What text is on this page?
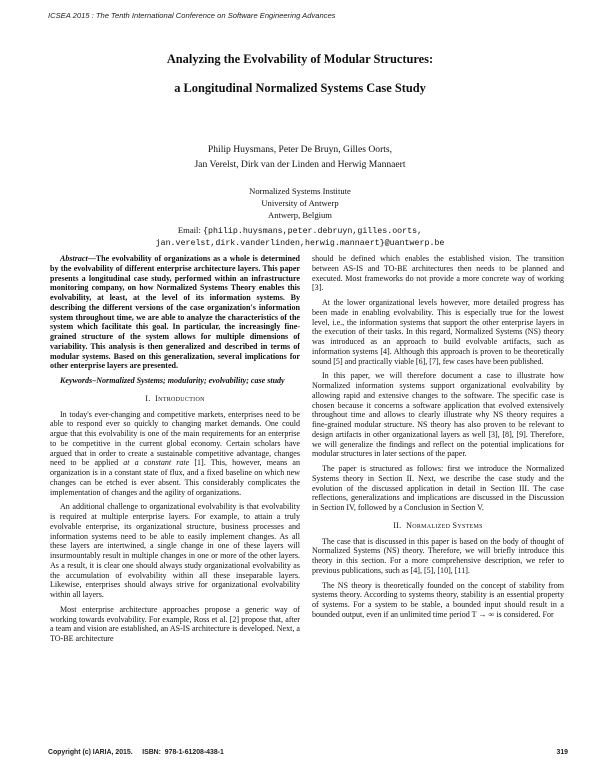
ICSEA 2015 : The Tenth International Conference on Software Engineering Advances
Analyzing the Evolvability of Modular Structures:
a Longitudinal Normalized Systems Case Study
Philip Huysmans, Peter De Bruyn, Gilles Oorts,
Jan Verelst, Dirk van der Linden and Herwig Mannaert
Normalized Systems Institute
University of Antwerp
Antwerp, Belgium
Email: {philip.huysmans,peter.debruyn,gilles.oorts,
jan.verelst,dirk.vanderlinden,herwig.mannaert}@uantwerp.be

Abstract—The evolvability of organizations as a whole is determined by the evolvability of different enterprise architecture layers. This paper presents a longitudinal case study, performed within an infrastructure monitoring company, on how Normalized Systems Theory enables this evolvability, at least, at the level of its information systems. By describing the different versions of the case organization's information system throughout time, we are able to analyze the characteristics of the system which facilitate this goal. In particular, the increasingly fine-grained structure of the system allows for multiple dimensions of variability. This analysis is then generalized and described in terms of modular systems. Based on this generalization, several implications for other enterprise layers are presented.

Keywords–Normalized Systems; modularity; evolvability; case study

I. Introduction

In today's ever-changing and competitive markets, enterprises need to be able to respond ever so quickly to changing market demands. One could argue that this evolvability is one of the main requirements for an enterprise to be competitive in the current global economy. Certain scholars have argued that in order to create a sustainable competitive advantage, changes need to be applied at a constant rate [1]. This, however, means an organization is in a constant state of flux, and a fixed baseline on which new changes can be etched is ever absent. This considerably complicates the implementation of changes and the agility of organizations.

An additional challenge to organizational evolvability is that evolvability is required at multiple enterprise layers. For example, to attain a truly evolvable enterprise, its organizational structure, business processes and information systems need to be able to easily implement changes. As all these layers are intertwined, a single change in one of these layers will insurmountably result in multiple changes in one or more of the other layers. As a result, it is clear one should always study organizational evolvability as the accumulation of evolvability within all these inseparable layers. Likewise, enterprises should always strive for organizational evolvability within all layers.

Most enterprise architecture approaches propose a generic way of working towards evolvability. For example, Ross et al. [2] propose that, after a team and vision are established, an AS-IS architecture is developed. Next, a TO-BE architecture

should be defined which enables the established vision. The transition between AS-IS and TO-BE architectures then needs to be planned and executed. Most frameworks do not provide a more concrete way of working [3].

At the lower organizational levels however, more detailed progress has been made in enabling evolvability. This is especially true for the lowest level, i.e., the information systems that support the other enterprise layers in the execution of their tasks. In this regard, Normalized Systems (NS) theory was introduced as an approach to build evolvable artifacts, such as information systems [4]. Although this approach is proven to be theoretically sound [5] and practically viable [6], [7], few cases have been published.

In this paper, we will therefore document a case to illustrate how Normalized information systems support organizational evolvability by allowing rapid and extensive changes to the software. The specific case is chosen because it concerns a software application that evolved extensively throughout time and allows to clearly illustrate why NS theory requires a fine-grained modular structure. NS theory has also proven to be relevant to design artifacts in other organizational layers as well [3], [8], [9]. Therefore, we will generalize the findings and reflect on the potential implications for modular structures in later sections of the paper.

The paper is structured as follows: first we introduce the Normalized Systems theory in Section II. Next, we describe the case study and the evolution of the discussed application in detail in Section III. The case reflections, generalizations and implications are discussed in the Discussion in Section IV, followed by a Conclusion in Section V.

II. Normalized Systems

The case that is discussed in this paper is based on the body of thought of Normalized Systems (NS) theory. Therefore, we will briefly introduce this theory in this section. For a more comprehensive description, we refer to previous publications, such as [4], [5], [10], [11].

The NS theory is theoretically founded on the concept of stability from systems theory. According to systems theory, stability is an essential property of systems. For a system to be stable, a bounded input should result in a bounded output, even if an unlimited time period T → ∞ is considered. For

Copyright (c) IARIA, 2015.     ISBN:  978-1-61208-438-1	319
